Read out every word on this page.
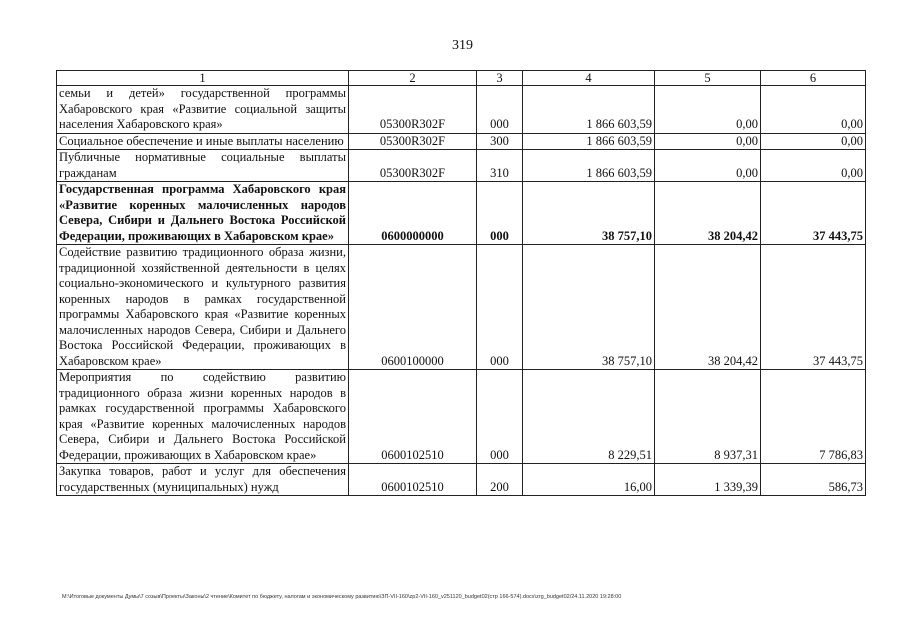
319
1	2	3	4	5	6
семьи и детей» государственной программы Хабаровского края «Развитие социальной защиты населения Хабаровского края»	05300R302F	000	1 866 603,59	0,00	0,00
Социальное обеспечение и иные выплаты населению	05300R302F	300	1 866 603,59	0,00	0,00
Публичные нормативные социальные выплаты гражданам	05300R302F	310	1 866 603,59	0,00	0,00
Государственная программа Хабаровского края «Развитие коренных малочисленных народов Севера, Сибири и Дальнего Востока Российской Федерации, проживающих в Хабаровском крае»	0600000000	000	38 757,10	38 204,42	37 443,75
Содействие развитию традиционного образа жизни, традиционной хозяйственной деятельности в целях социально-экономического и культурного развития коренных народов в рамках государственной программы Хабаровского края «Развитие коренных малочисленных народов Севера, Сибири и Дальнего Востока Российской Федерации, проживающих в Хабаровском крае»	0600100000	000	38 757,10	38 204,42	37 443,75
Мероприятия по содействию развитию традиционного образа жизни коренных народов в рамках государственной программы Хабаровского края «Развитие коренных малочисленных народов Севера, Сибири и Дальнего Востока Российской Федерации, проживающих в Хабаровском крае»	0600102510	000	8 229,51	8 937,31	7 786,83
Закупка товаров, работ и услуг для обеспечения государственных (муниципальных) нужд	0600102510	200	16,00	1 339,39	586,73
M:\Итоговые документы Думы\7 созыв\Проекты\Законы\2 чтение\Комитет по бюджету, налогам и экономическому развитию\ЗП-VII-160\zp2-VII-160_v251120_budget02(стр 166-574).docx\zrg_budget02/24.11.2020 19:28:00
